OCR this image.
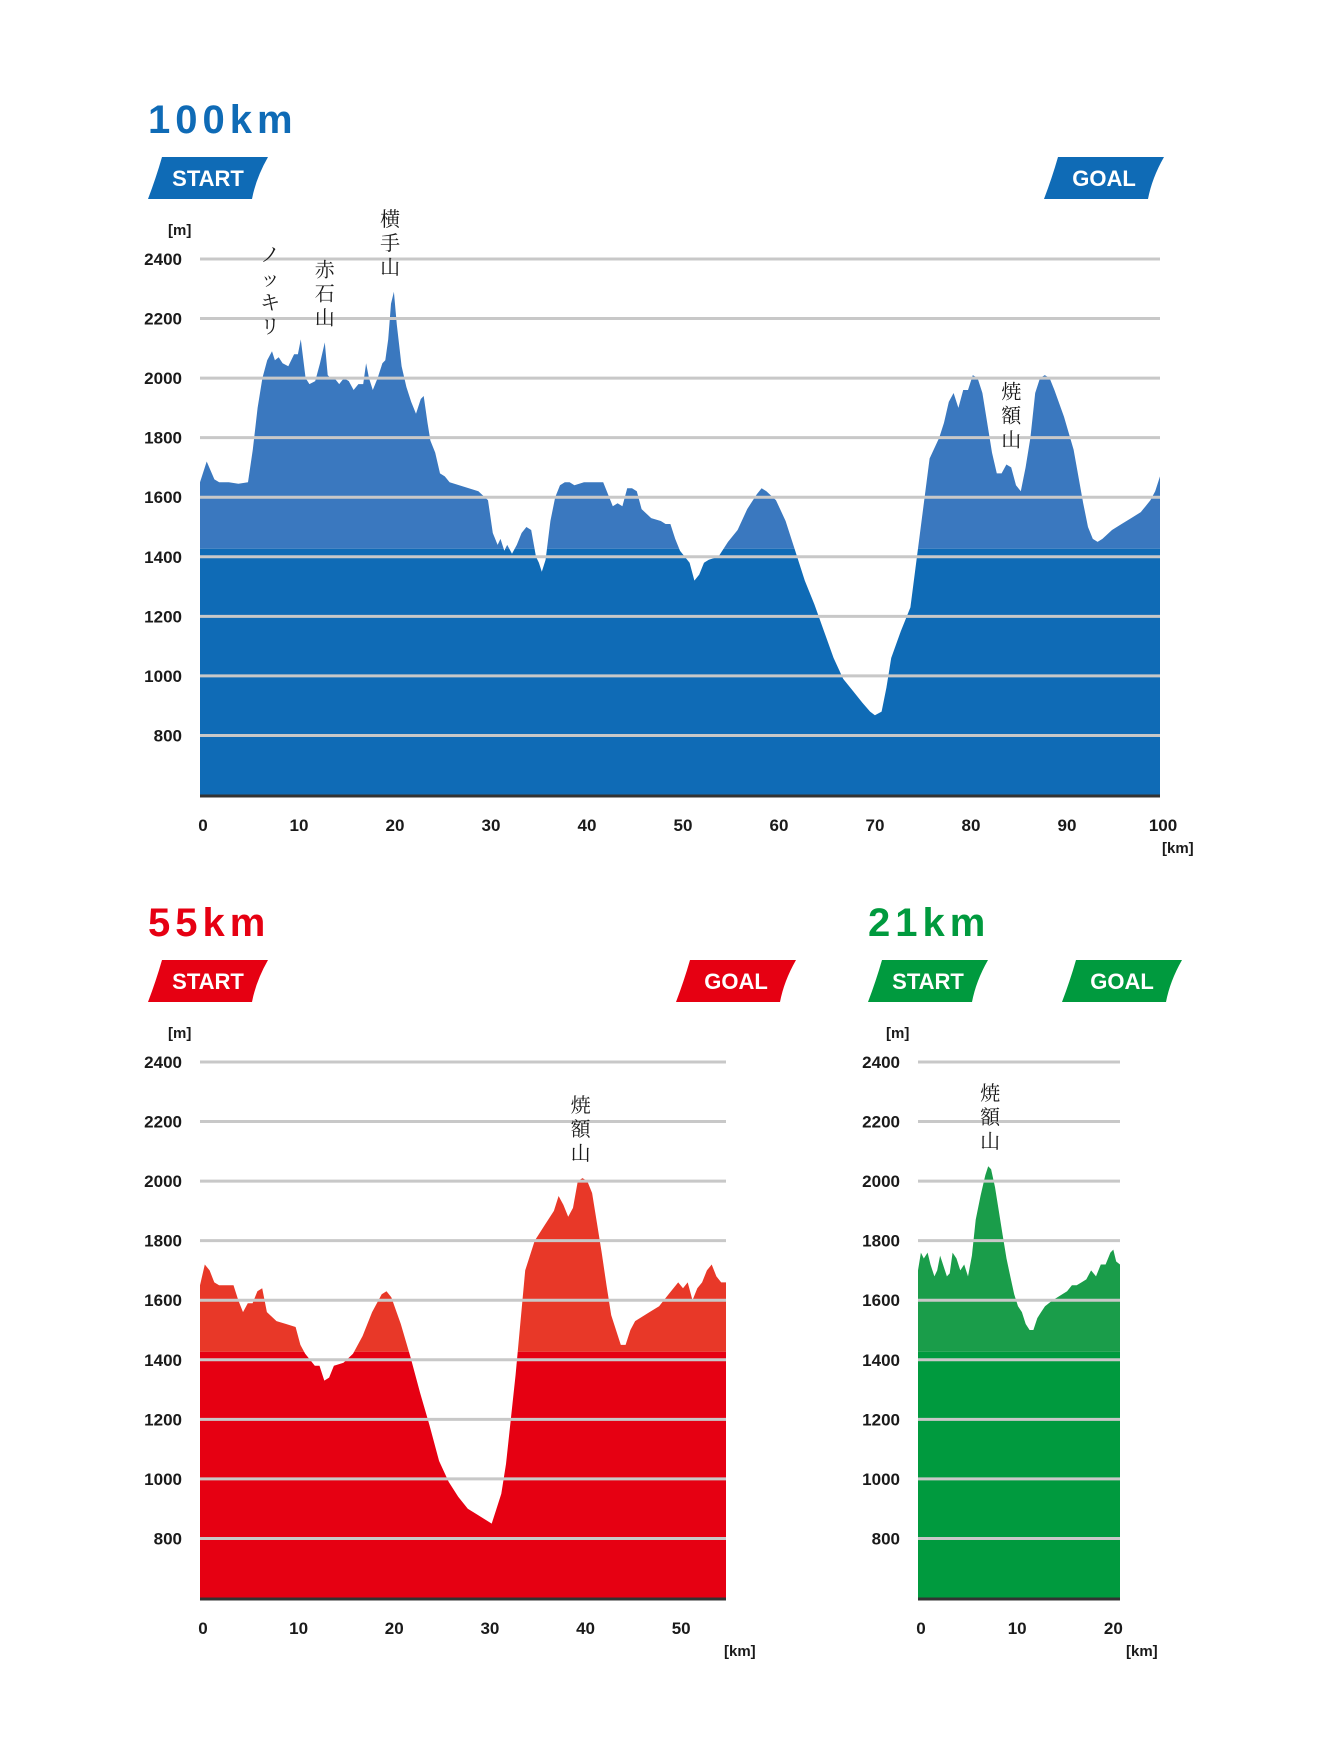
100km
START	GOAL
800
1000
1200
1400
1600
1800
2000
2200
2400
[m]
0	10	20	30	40	50	60	70	80	90	100
[km]
ノッキリ
赤石山
横手山
焼額山
55km
START	GOAL
800
1000
1200
1400
1600
1800
2000
2200
2400
[m]
0	10	20	30	40	50
[km]
焼額山
21km
START	GOAL
800
1000
1200
1400
1600
1800
2000
2200
2400
[m]
0	10	20
[km]
焼額山
